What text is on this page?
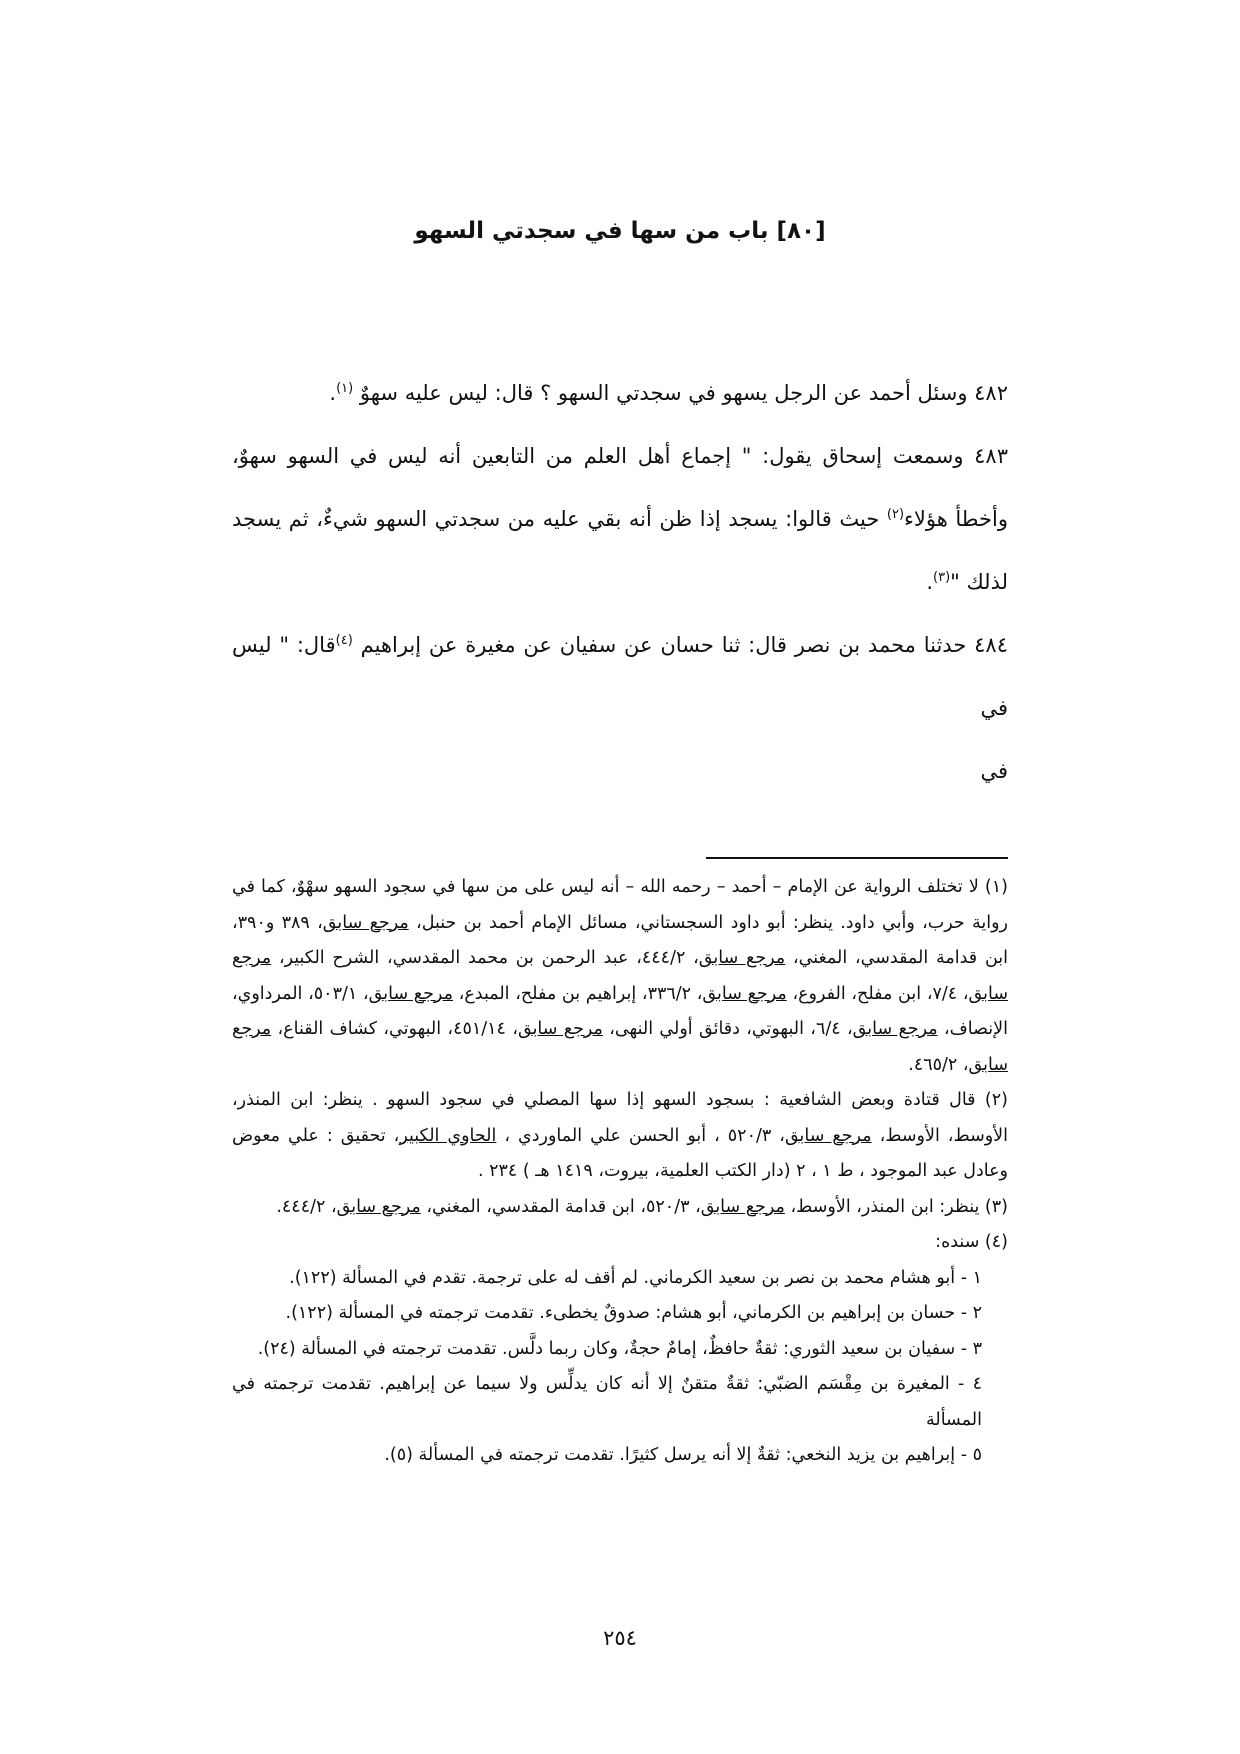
[٨٠] باب من سها في سجدتي السهو

٤٨٢ وسئل أحمد عن الرجل يسهو في سجدتي السهو ؟ قال: ليس عليه سهوٌ $^{(١)}$.

٤٨٣ وسمعت إسحاق يقول: " إجماع أهل العلم من التابعين أنه ليس في السهو سهوٌ، وأخطأ هؤلاء$^{(٢)}$ حيث قالوا: يسجد إذا ظن أنه بقي عليه من سجدتي السهو شيءٌ، ثم يسجد لذلك "$^{(٣)}$.

٤٨٤ حدثنا محمد بن نصر قال: ثنا حسان عن سفيان عن مغيرة عن إبراهيم $^{(٤)}$قال: " ليس في

في

(١) لا تختلف الرواية عن الإمام – أحمد – رحمه الله – أنه ليس على من سها في سجود السهو سهْوٌ، كما في رواية حرب، وأبي داود. ينظر: أبو داود السجستاني، مسائل الإمام أحمد بن حنبل، مرجع سابق، ٣٨٩ و٣٩٠، ابن قدامة المقدسي، المغني، مرجع سابق، ٤٤٤/٢، عبد الرحمن بن محمد المقدسي، الشرح الكبير، مرجع سابق، ٧/٤، ابن مفلح، الفروع، مرجع سابق، ٣٣٦/٢، إبراهيم بن مفلح، المبدع، مرجع سابق، ٥٠٣/١، المرداوي، الإنصاف، مرجع سابق، ٦/٤، البهوتي، دقائق أولي النهى، مرجع سابق، ٤٥١/١٤، البهوتي، كشاف القناع، مرجع سابق، ٤٦٥/٢.

(٢) قال قتادة وبعض الشافعية : بسجود السهو إذا سها المصلي في سجود السهو . ينظر: ابن المنذر، الأوسط، الأوسط، مرجع سابق، ٥٢٠/٣ ، أبو الحسن علي الماوردي ، الحاوي الكبير، تحقيق : علي معوض وعادل عبد الموجود ، ط ١ ، ٢ (دار الكتب العلمية، بيروت، ١٤١٩ هـ ) ٢٣٤ .

(٣) ينظر: ابن المنذر، الأوسط، مرجع سابق، ٥٢٠/٣، ابن قدامة المقدسي، المغني، مرجع سابق، ٤٤٤/٢.

(٤) سنده:

١ - أبو هشام محمد بن نصر بن سعيد الكرماني. لم أقف له على ترجمة. تقدم في المسألة (١٢٢).

٢ - حسان بن إبراهيم بن الكرماني، أبو هشام: صدوقٌ يخطىء. تقدمت ترجمته في المسألة (١٢٢).

٣ - سفيان بن سعيد الثوري: ثقةٌ حافظٌ، إمامٌ حجةٌ، وكان ربما دلَّس. تقدمت ترجمته في المسألة (٢٤).

٤ - المغيرة بن مِقْسَم الضبّي: ثقةٌ متقنٌ إلا أنه كان يدلِّس ولا سيما عن إبراهيم. تقدمت ترجمته في المسألة

٥ - إبراهيم بن يزيد النخعي: ثقةٌ إلا أنه يرسل كثيرًا. تقدمت ترجمته في المسألة (٥).

٢٥٤
